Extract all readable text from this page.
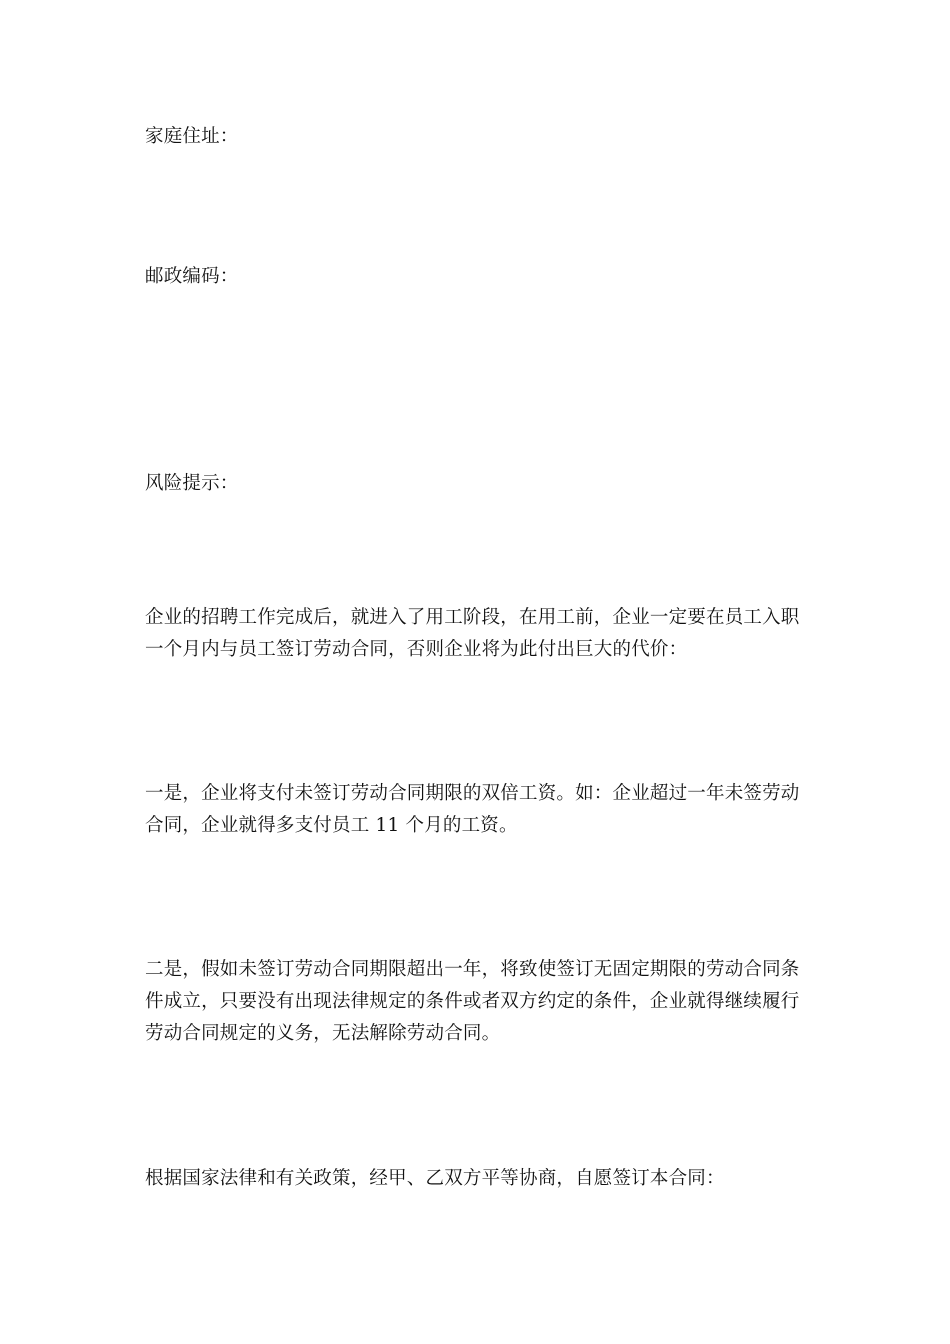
家庭住址：

邮政编码：

风险提示：

企业的招聘工作完成后，就进入了用工阶段，在用工前，企业一定要在员工入职一个月内与员工签订劳动合同，否则企业将为此付出巨大的代价：

一是，企业将支付未签订劳动合同期限的双倍工资。如：企业超过一年未签劳动合同，企业就得多支付员工 11 个月的工资。

二是，假如未签订劳动合同期限超出一年，将致使签订无固定期限的劳动合同条件成立，只要没有出现法律规定的条件或者双方约定的条件，企业就得继续履行劳动合同规定的义务，无法解除劳动合同。

根据国家法律和有关政策，经甲、乙双方平等协商，自愿签订本合同：
